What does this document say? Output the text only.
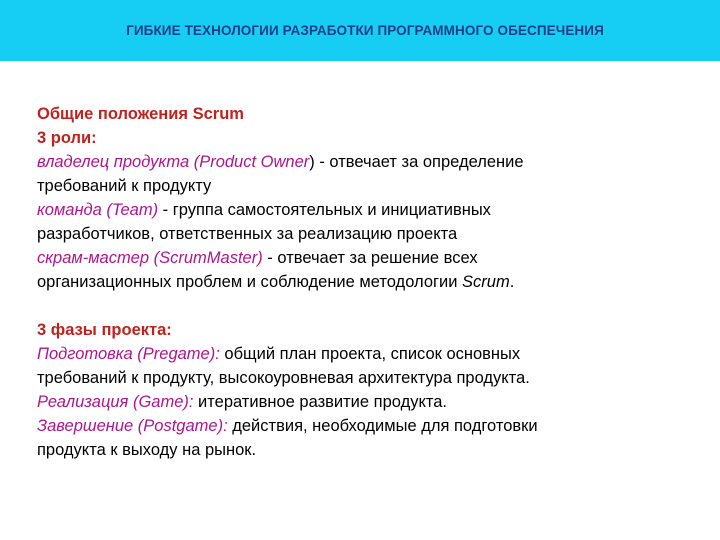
ГИБКИЕ ТЕХНОЛОГИИ РАЗРАБОТКИ ПРОГРАММНОГО ОБЕСПЕЧЕНИЯ
Общие положения Scrum
3 роли:
владелец продукта (Product Owner) - отвечает за определение
требований к продукту
команда (Team) - группа самостоятельных и инициативных
разработчиков, ответственных за реализацию проекта
скрам-мастер (ScrumMaster) - отвечает за решение всех
организационных проблем и соблюдение методологии Scrum.
3 фазы проекта:
Подготовка (Pregame): общий план проекта, список основных
требований к продукту, высокоуровневая архитектура продукта.
Реализация (Game): итеративное развитие продукта.
Завершение (Postgame): действия, необходимые для подготовки
продукта к выходу на рынок.
